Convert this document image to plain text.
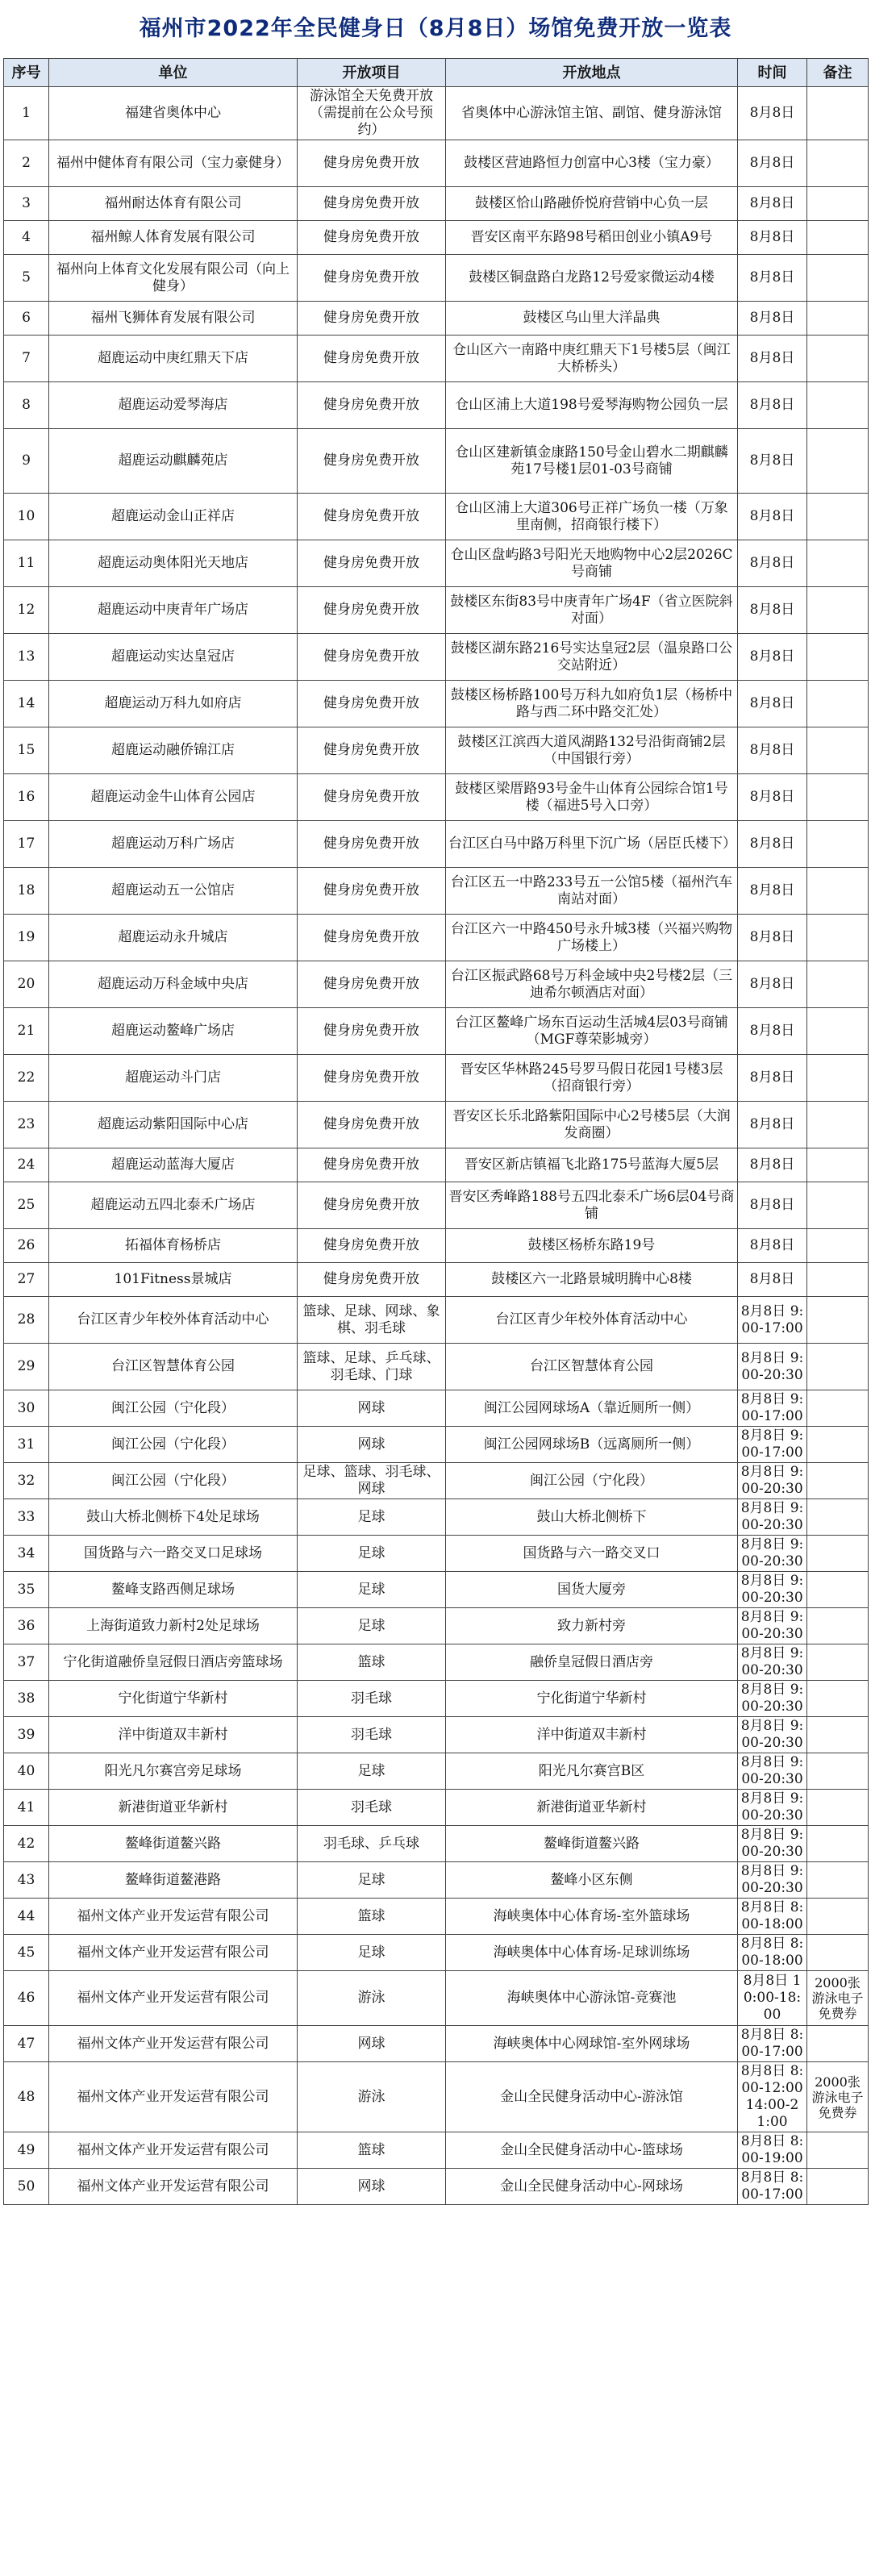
福州市2022年全民健身日（8月8日）场馆免费开放一览表
序号	单位	开放项目	开放地点	时间	备注
1	福建省奥体中心	游泳馆全天免费开放（需提前在公众号预约）	省奥体中心游泳馆主馆、副馆、健身游泳馆	8月8日	
2	福州中健体育有限公司（宝力豪健身）	健身房免费开放	鼓楼区营迪路恒力创富中心3楼（宝力豪）	8月8日	
3	福州耐达体育有限公司	健身房免费开放	鼓楼区恰山路融侨悦府营销中心负一层	8月8日	
4	福州鲸人体育发展有限公司	健身房免费开放	晋安区南平东路98号稻田创业小镇A9号	8月8日	
5	福州向上体育文化发展有限公司（向上健身）	健身房免费开放	鼓楼区铜盘路白龙路12号爱家微运动4楼	8月8日	
6	福州飞狮体育发展有限公司	健身房免费开放	鼓楼区乌山里大洋晶典	8月8日	
7	超鹿运动中庚红鼎天下店	健身房免费开放	仓山区六一南路中庚红鼎天下1号楼5层（闽江大桥桥头）	8月8日	
8	超鹿运动爱琴海店	健身房免费开放	仓山区浦上大道198号爱琴海购物公园负一层	8月8日	
9	超鹿运动麒麟苑店	健身房免费开放	仓山区建新镇金康路150号金山碧水二期麒麟苑17号楼1层01-03号商铺	8月8日	
10	超鹿运动金山正祥店	健身房免费开放	仓山区浦上大道306号正祥广场负一楼（万象里南侧，招商银行楼下）	8月8日	
11	超鹿运动奥体阳光天地店	健身房免费开放	仓山区盘屿路3号阳光天地购物中心2层2026C号商铺	8月8日	
12	超鹿运动中庚青年广场店	健身房免费开放	鼓楼区东街83号中庚青年广场4F（省立医院斜对面）	8月8日	
13	超鹿运动实达皇冠店	健身房免费开放	鼓楼区湖东路216号实达皇冠2层（温泉路口公交站附近）	8月8日	
14	超鹿运动万科九如府店	健身房免费开放	鼓楼区杨桥路100号万科九如府负1层（杨桥中路与西二环中路交汇处）	8月8日	
15	超鹿运动融侨锦江店	健身房免费开放	鼓楼区江滨西大道风湖路132号沿街商铺2层（中国银行旁）	8月8日	
16	超鹿运动金牛山体育公园店	健身房免费开放	鼓楼区梁厝路93号金牛山体育公园综合馆1号楼（福进5号入口旁）	8月8日	
17	超鹿运动万科广场店	健身房免费开放	台江区白马中路万科里下沉广场（居臣氏楼下）	8月8日	
18	超鹿运动五一公馆店	健身房免费开放	台江区五一中路233号五一公馆5楼（福州汽车南站对面）	8月8日	
19	超鹿运动永升城店	健身房免费开放	台江区六一中路450号永升城3楼（兴福兴购物广场楼上）	8月8日	
20	超鹿运动万科金域中央店	健身房免费开放	台江区振武路68号万科金域中央2号楼2层（三迪希尔顿酒店对面）	8月8日	
21	超鹿运动鳌峰广场店	健身房免费开放	台江区鳌峰广场东百运动生活城4层03号商铺（MGF尊荣影城旁）	8月8日	
22	超鹿运动斗门店	健身房免费开放	晋安区华林路245号罗马假日花园1号楼3层（招商银行旁）	8月8日	
23	超鹿运动紫阳国际中心店	健身房免费开放	晋安区长乐北路紫阳国际中心2号楼5层（大润发商圈）	8月8日	
24	超鹿运动蓝海大厦店	健身房免费开放	晋安区新店镇福飞北路175号蓝海大厦5层	8月8日	
25	超鹿运动五四北泰禾广场店	健身房免费开放	晋安区秀峰路188号五四北泰禾广场6层04号商铺	8月8日	
26	拓福体育杨桥店	健身房免费开放	鼓楼区杨桥东路19号	8月8日	
27	101Fitness景城店	健身房免费开放	鼓楼区六一北路景城明腾中心8楼	8月8日	
28	台江区青少年校外体育活动中心	篮球、足球、网球、象棋、羽毛球	台江区青少年校外体育活动中心	8月8日 9:00-17:00	
29	台江区智慧体育公园	篮球、足球、乒乓球、羽毛球、门球	台江区智慧体育公园	8月8日 9:00-20:30	
30	闽江公园（宁化段）	网球	闽江公园网球场A（靠近厕所一侧）	8月8日 9:00-17:00	
31	闽江公园（宁化段）	网球	闽江公园网球场B（远离厕所一侧）	8月8日 9:00-17:00	
32	闽江公园（宁化段）	足球、篮球、羽毛球、网球	闽江公园（宁化段）	8月8日 9:00-20:30	
33	鼓山大桥北侧桥下4处足球场	足球	鼓山大桥北侧桥下	8月8日 9:00-20:30	
34	国货路与六一路交叉口足球场	足球	国货路与六一路交叉口	8月8日 9:00-20:30	
35	鳌峰支路西侧足球场	足球	国货大厦旁	8月8日 9:00-20:30	
36	上海街道致力新村2处足球场	足球	致力新村旁	8月8日 9:00-20:30	
37	宁化街道融侨皇冠假日酒店旁篮球场	篮球	融侨皇冠假日酒店旁	8月8日 9:00-20:30	
38	宁化街道宁华新村	羽毛球	宁化街道宁华新村	8月8日 9:00-20:30	
39	洋中街道双丰新村	羽毛球	洋中街道双丰新村	8月8日 9:00-20:30	
40	阳光凡尔赛宫旁足球场	足球	阳光凡尔赛宫B区	8月8日 9:00-20:30	
41	新港街道亚华新村	羽毛球	新港街道亚华新村	8月8日 9:00-20:30	
42	鳌峰街道鳌兴路	羽毛球、乒乓球	鳌峰街道鳌兴路	8月8日 9:00-20:30	
43	鳌峰街道鳌港路	足球	鳌峰小区东侧	8月8日 9:00-20:30	
44	福州文体产业开发运营有限公司	篮球	海峡奥体中心体育场-室外篮球场	8月8日 8:00-18:00	
45	福州文体产业开发运营有限公司	足球	海峡奥体中心体育场-足球训练场	8月8日 8:00-18:00	
46	福州文体产业开发运营有限公司	游泳	海峡奥体中心游泳馆-竞赛池	8月8日 10:00-18:00	2000张游泳电子免费券
47	福州文体产业开发运营有限公司	网球	海峡奥体中心网球馆-室外网球场	8月8日 8:00-17:00	
48	福州文体产业开发运营有限公司	游泳	金山全民健身活动中心-游泳馆	8月8日 8:00-12:00 14:00-21:00	2000张游泳电子免费券
49	福州文体产业开发运营有限公司	篮球	金山全民健身活动中心-篮球场	8月8日 8:00-19:00	
50	福州文体产业开发运营有限公司	网球	金山全民健身活动中心-网球场	8月8日 8:00-17:00	
